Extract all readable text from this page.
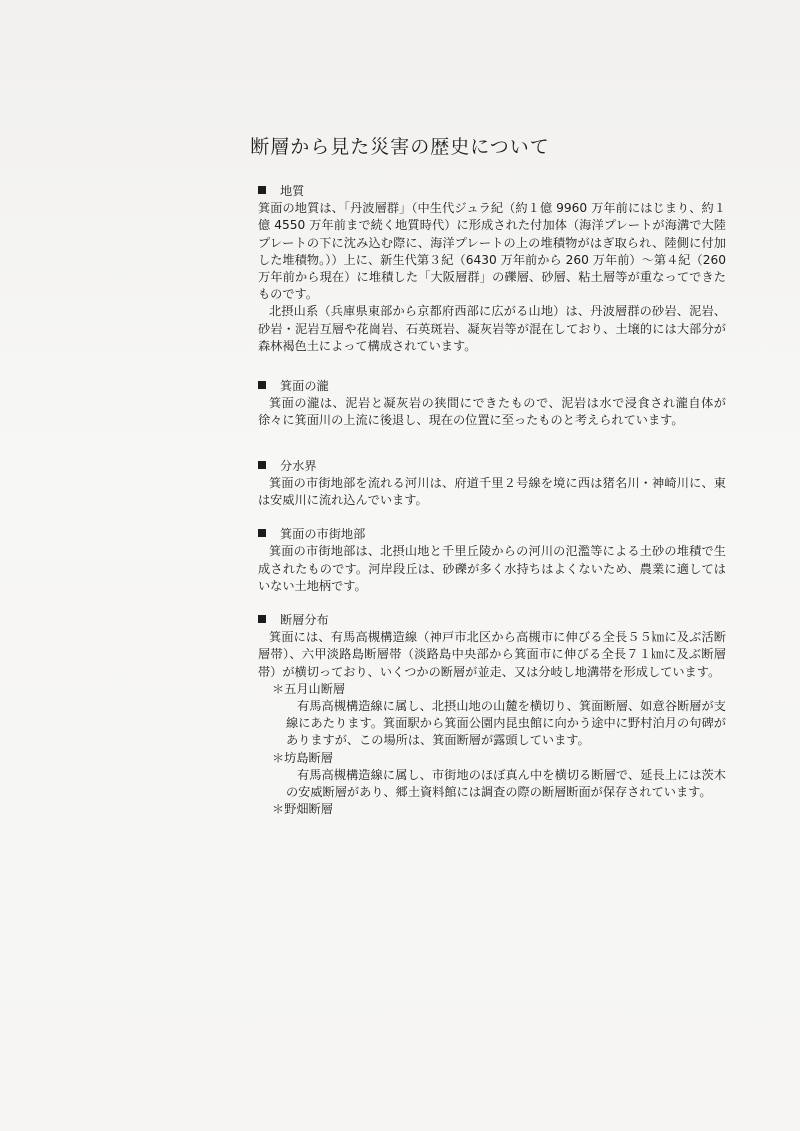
断層から見た災害の歴史について
地質

箕面の地質は、「丹波層群」（中生代ジュラ紀（約１億 9960 万年前にはじまり、約１億 4550 万年前まで続く地質時代）に形成された付加体（海洋プレートが海溝で大陸プレートの下に沈み込む際に、海洋プレートの上の堆積物がはぎ取られ、陸側に付加した堆積物。））上に、新生代第３紀（6430 万年前から 260 万年前）～第４紀（260 万年前から現在）に堆積した「大阪層群」の礫層、砂層、粘土層等が重なってできたものです。

北摂山系（兵庫県東部から京都府西部に広がる山地）は、丹波層群の砂岩、泥岩、砂岩・泥岩互層や花崗岩、石英斑岩、凝灰岩等が混在しており、土壌的には大部分が森林褐色土によって構成されています。

箕面の瀧

箕面の瀧は、泥岩と凝灰岩の狭間にできたもので、泥岩は水で浸食され瀧自体が徐々に箕面川の上流に後退し、現在の位置に至ったものと考えられています。

分水界

箕面の市街地部を流れる河川は、府道千里２号線を境に西は猪名川・神崎川に、東は安威川に流れ込んでいます。

箕面の市街地部

箕面の市街地部は、北摂山地と千里丘陵からの河川の氾濫等による土砂の堆積で生成されたものです。河岸段丘は、砂礫が多く水持ちはよくないため、農業に適してはいない土地柄です。

断層分布

箕面には、有馬高槻構造線（神戸市北区から高槻市に伸びる全長５５㎞に及ぶ活断層帯）、六甲淡路島断層帯（淡路島中央部から箕面市に伸びる全長７１㎞に及ぶ断層帯）が横切っており、いくつかの断層が並走、又は分岐し地溝帯を形成しています。

＊五月山断層

有馬高槻構造線に属し、北摂山地の山麓を横切り、箕面断層、如意谷断層が支線にあたります。箕面駅から箕面公園内昆虫館に向かう途中に野村泊月の句碑がありますが、この場所は、箕面断層が露頭しています。

＊坊島断層

有馬高槻構造線に属し、市街地のほぼ真ん中を横切る断層で、延長上には茨木の安威断層があり、郷土資料館には調査の際の断層断面が保存されています。

＊野畑断層
